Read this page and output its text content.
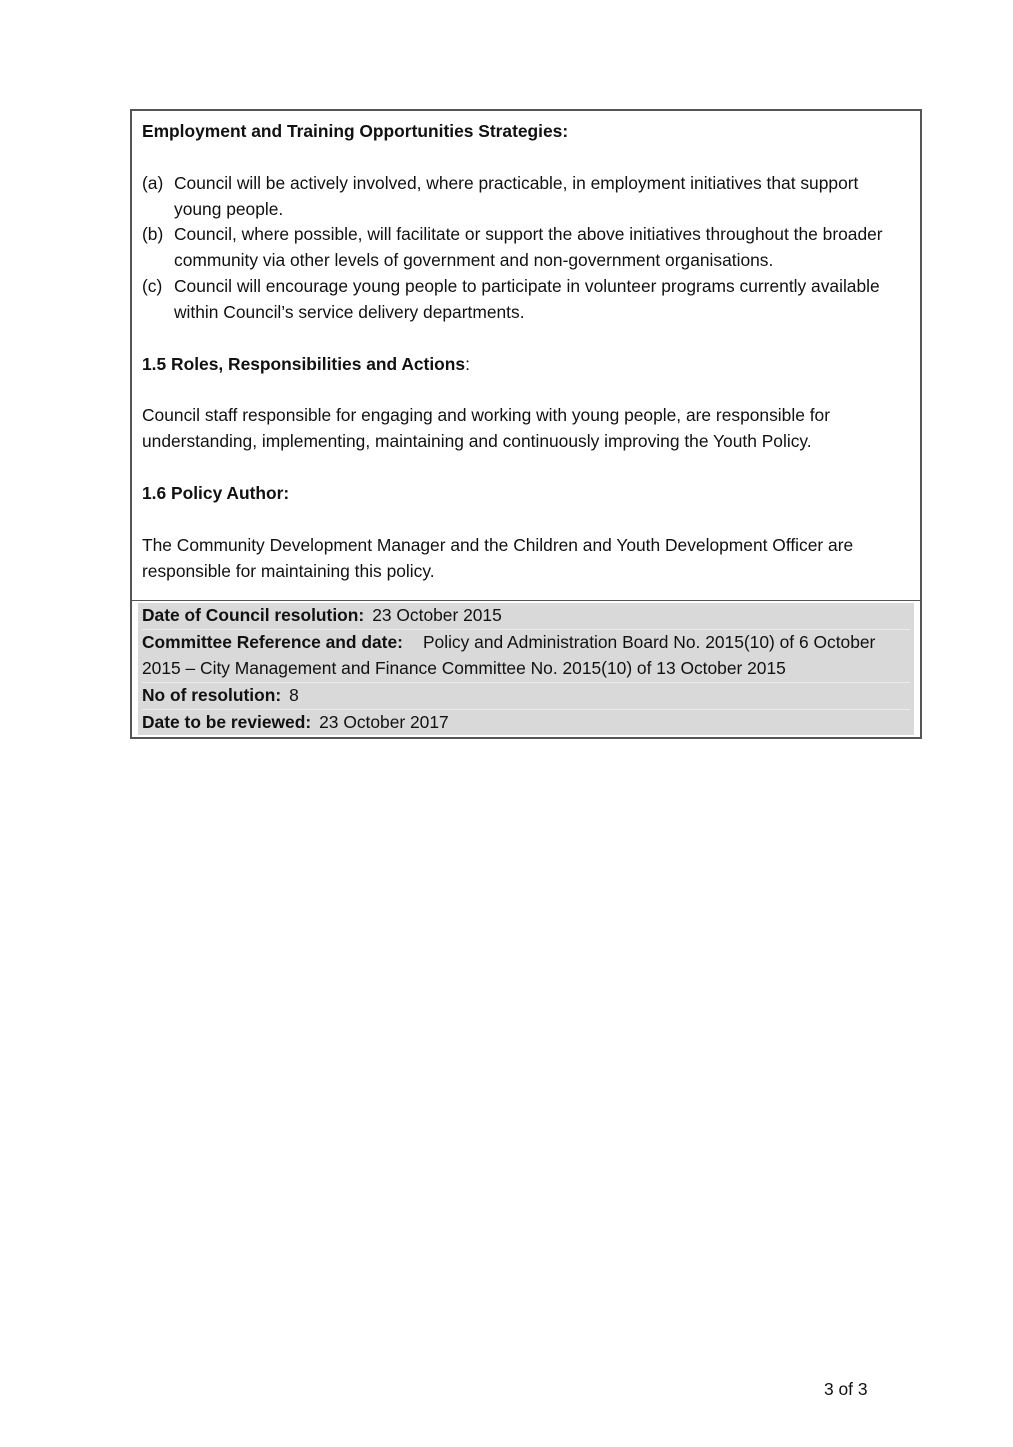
Employment and Training Opportunities Strategies:

(a) Council will be actively involved, where practicable, in employment initiatives that support young people.
(b) Council, where possible, will facilitate or support the above initiatives throughout the broader community via other levels of government and non-government organisations.
(c) Council will encourage young people to participate in volunteer programs currently available within Council’s service delivery departments.

1.5 Roles, Responsibilities and Actions:

Council staff responsible for engaging and working with young people, are responsible for understanding, implementing, maintaining and continuously improving the Youth Policy.

1.6 Policy Author:

The Community Development Manager and the Children and Youth Development Officer are responsible for maintaining this policy.

Date of Council resolution: 23 October 2015

Committee Reference and date: Policy and Administration Board No. 2015(10) of 6 October 2015 – City Management and Finance Committee No. 2015(10) of 13 October 2015

No of resolution: 8

Date to be reviewed: 23 October 2017

3 of 3
